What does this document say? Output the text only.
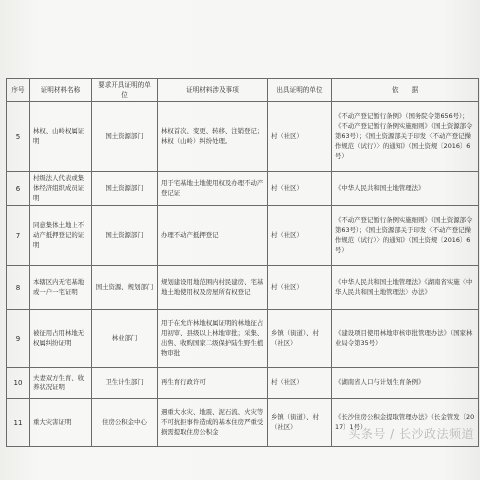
序号	证明材料名称	要求开具证明的单位	证明材料涉及事项	出具证明的单位	依　　据
5	林权、山岭权属证明	国土资源部门	林权首次、变更、转移、注销登记；林权（山岭）纠纷处理。	村（社区）	《不动产登记暂行条例》（国务院令第656号）；《不动产登记暂行条例实施细则》（国土资源部令第63号）；《国土资源部关于印发〈不动产登记操作规范（试行）〉的通知》（国土资规〔2016〕6号）
6	村级法人代表或集体经济组织成员证明	国土资源部门	用于宅基地土地使用权及办理不动产登记证	村（社区）	《中华人民共和国土地管理法》
7	同意集体土地上不动产抵押登记的证明	国土资源部门	办理不动产抵押登记	村（社区）	《不动产登记暂行条例实施细则》（国土资源部令第63号）；《国土资源部关于印发〈不动产登记操作规范（试行）〉的通知》（国土资规〔2016〕6号）
8	本辖区内无宅基地或一户一宅证明	国土资源、规划部门	规划建设用地范围内村民建房、宅基地土地使用权及房屋所有权登记	村（社区）	《中华人民共和国土地管理法》《湖南省实施〈中华人民共和国土地管理法〉办法》
9	被征用占用林地无权属纠纷证明	林业部门	用于在允许林地权属证明的林地征占用初审、县级以上林地审批；采集、出售、收购国家二级保护陆生野生植物审批	乡镇（街道）、村（社区）	《建设项目使用林地审核审批管理办法》（国家林业局令第35号）
10	夫妻双方生育、收养状况证明	卫生计生部门	再生育行政许可	村（社区）	《湖南省人口与计划生育条例》
11	重大灾害证明	住房公积金中心	遇重大水灾、地震、泥石流、火灾等不可抗拒事件造成的基本住房严重受损需提取住房公积金	乡镇（街道）、村（社区）	《长沙住房公积金提取管理办法》（长金管发〔2017〕1号）
头条号 / 长沙政法频道
